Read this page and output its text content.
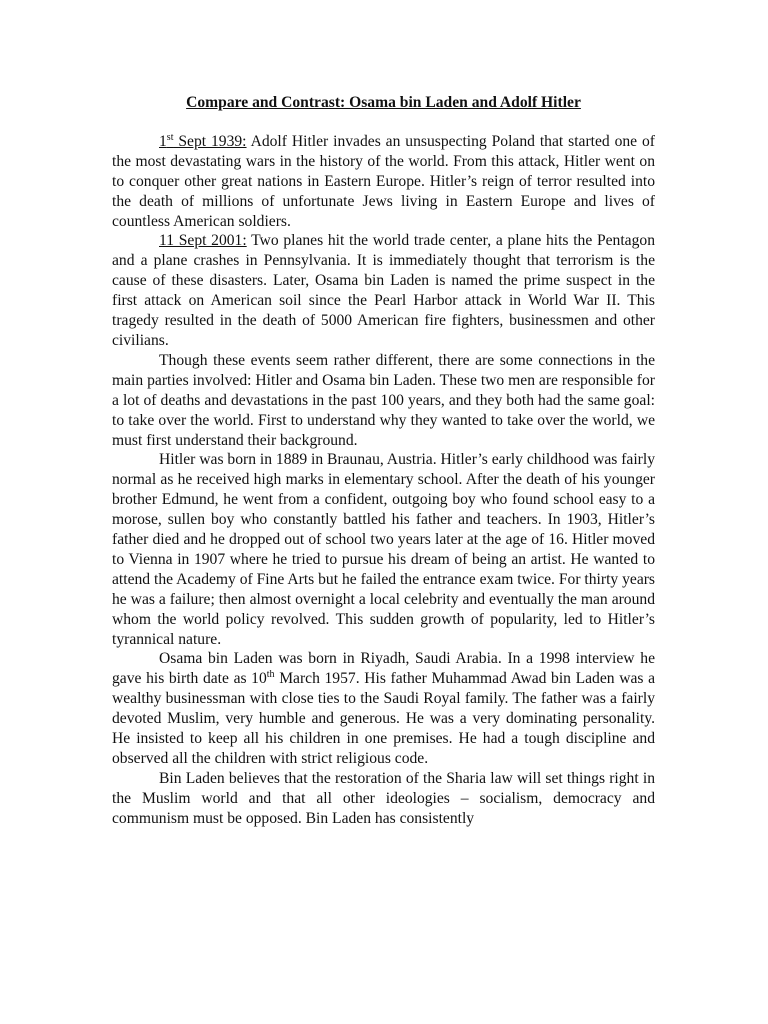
Compare and Contrast: Osama bin Laden and Adolf Hitler

1st Sept 1939: Adolf Hitler invades an unsuspecting Poland that started one of the most devastating wars in the history of the world. From this attack, Hitler went on to conquer other great nations in Eastern Europe. Hitler’s reign of terror resulted into the death of millions of unfortunate Jews living in Eastern Europe and lives of countless American soldiers.

11 Sept 2001: Two planes hit the world trade center, a plane hits the Pentagon and a plane crashes in Pennsylvania. It is immediately thought that terrorism is the cause of these disasters. Later, Osama bin Laden is named the prime suspect in the first attack on American soil since the Pearl Harbor attack in World War II. This tragedy resulted in the death of 5000 American fire fighters, businessmen and other civilians.

Though these events seem rather different, there are some connections in the main parties involved: Hitler and Osama bin Laden. These two men are responsible for a lot of deaths and devastations in the past 100 years, and they both had the same goal: to take over the world. First to understand why they wanted to take over the world, we must first understand their background.

Hitler was born in 1889 in Braunau, Austria. Hitler’s early childhood was fairly normal as he received high marks in elementary school. After the death of his younger brother Edmund, he went from a confident, outgoing boy who found school easy to a morose, sullen boy who constantly battled his father and teachers. In 1903, Hitler’s father died and he dropped out of school two years later at the age of 16. Hitler moved to Vienna in 1907 where he tried to pursue his dream of being an artist. He wanted to attend the Academy of Fine Arts but he failed the entrance exam twice. For thirty years he was a failure; then almost overnight a local celebrity and eventually the man around whom the world policy revolved. This sudden growth of popularity, led to Hitler’s tyrannical nature.

Osama bin Laden was born in Riyadh, Saudi Arabia. In a 1998 interview he gave his birth date as 10th March 1957. His father Muhammad Awad bin Laden was a wealthy businessman with close ties to the Saudi Royal family. The father was a fairly devoted Muslim, very humble and generous. He was a very dominating personality. He insisted to keep all his children in one premises. He had a tough discipline and observed all the children with strict religious code.

Bin Laden believes that the restoration of the Sharia law will set things right in the Muslim world and that all other ideologies – socialism, democracy and communism must be opposed. Bin Laden has consistently
